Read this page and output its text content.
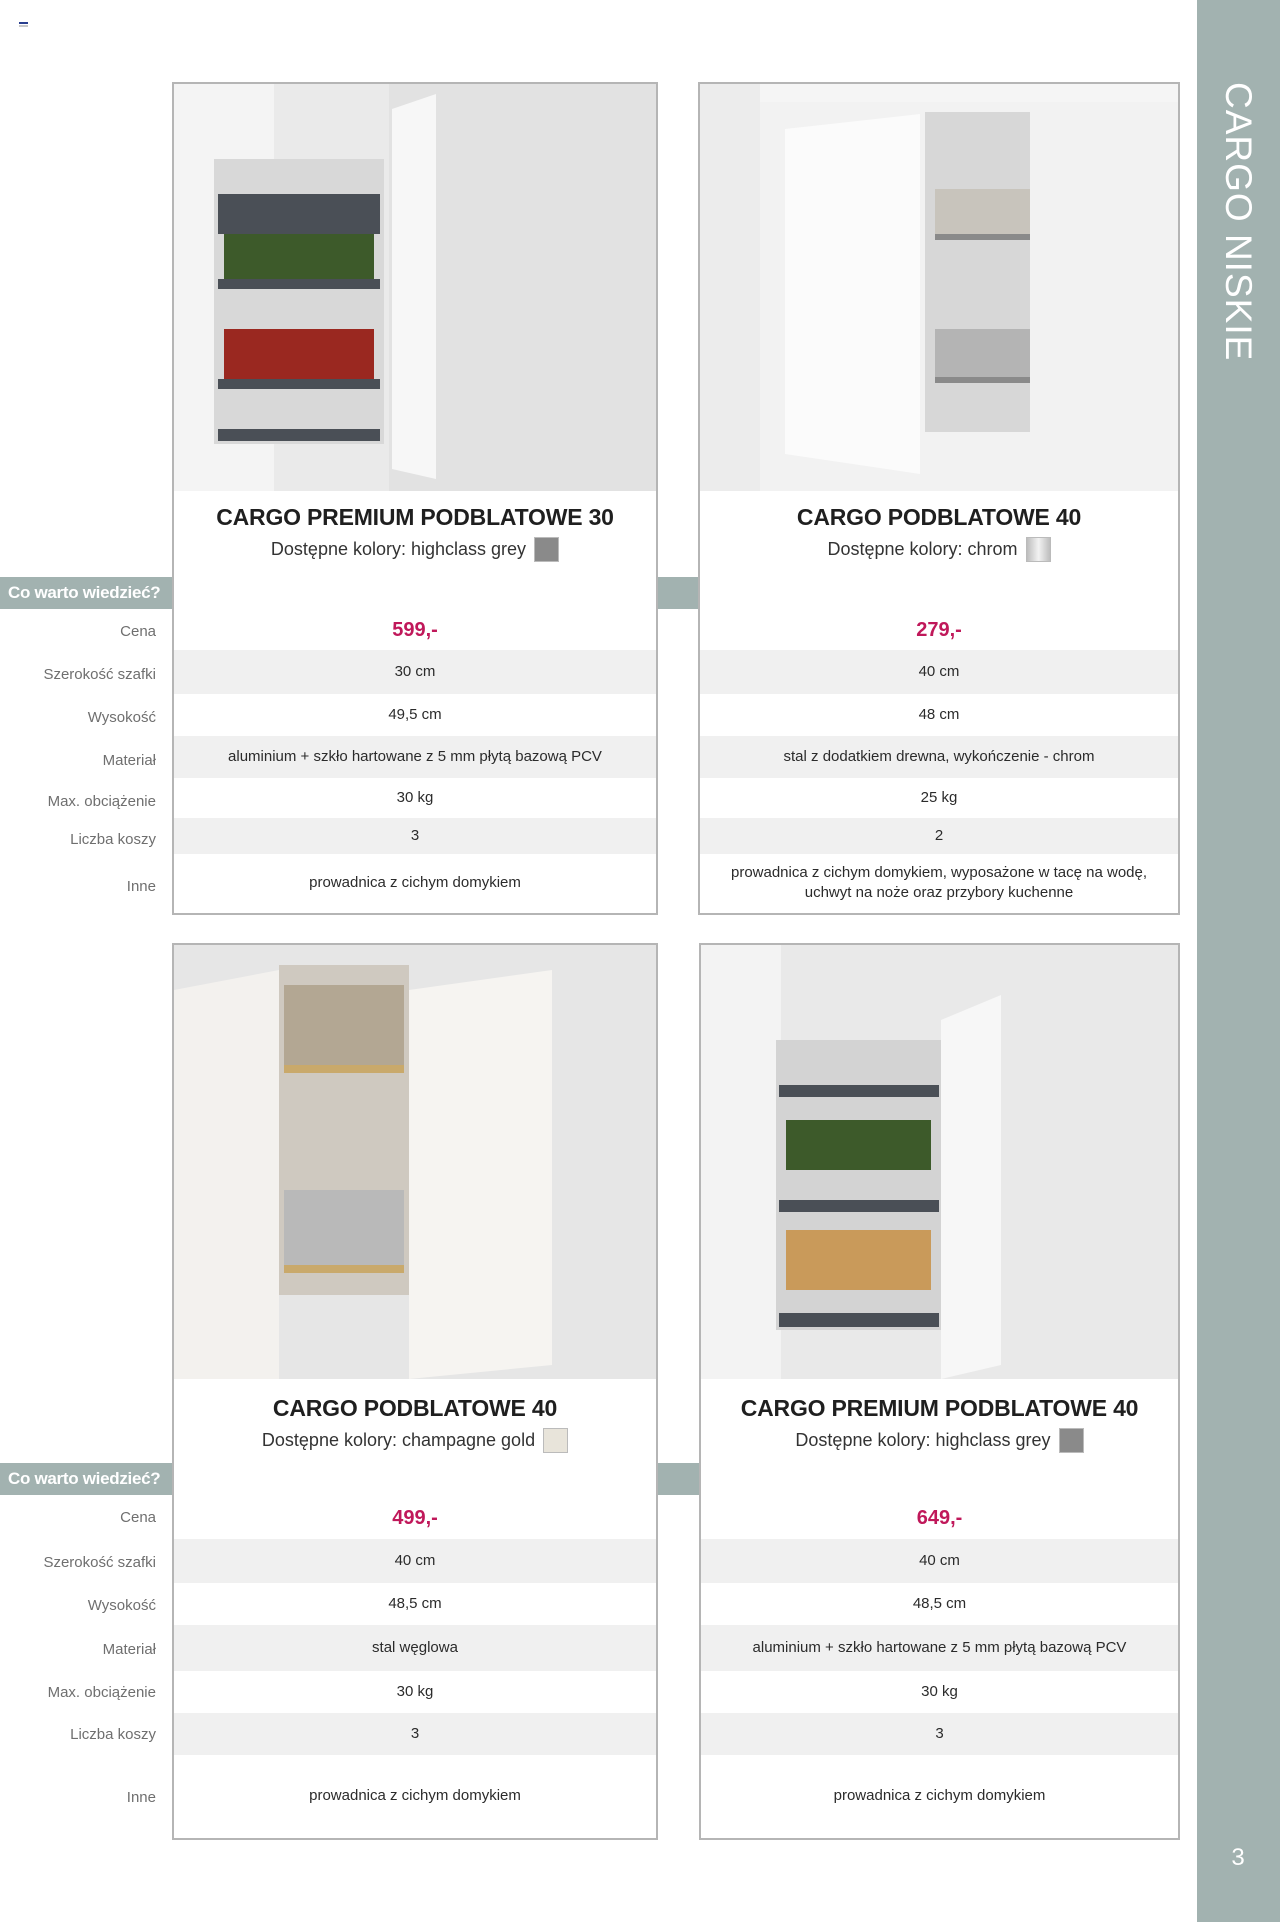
CARGO NISKIE
3
Co warto wiedzieć?
Cena
Szerokość szafki
Wysokość
Materiał
Max. obciążenie
Liczba koszy
Inne
CARGO PREMIUM PODBLATOWE 30
Dostępne kolory: highclass grey
599,-
30 cm
49,5 cm
aluminium + szkło hartowane z 5 mm płytą bazową PCV
30 kg
3
prowadnica z cichym domykiem
CARGO PODBLATOWE 40
Dostępne kolory: chrom
279,-
40 cm
48 cm
stal z dodatkiem drewna, wykończenie - chrom
25 kg
2
prowadnica z cichym domykiem, wyposażone w tacę na wodę, uchwyt na noże oraz przybory kuchenne
Co warto wiedzieć?
Cena
Szerokość szafki
Wysokość
Materiał
Max. obciążenie
Liczba koszy
Inne
CARGO PODBLATOWE 40
Dostępne kolory: champagne gold
499,-
40 cm
48,5 cm
stal węglowa
30 kg
3
prowadnica z cichym domykiem
CARGO PREMIUM PODBLATOWE 40
Dostępne kolory: highclass grey
649,-
40 cm
48,5 cm
aluminium + szkło hartowane z 5 mm płytą bazową PCV
30 kg
3
prowadnica z cichym domykiem
